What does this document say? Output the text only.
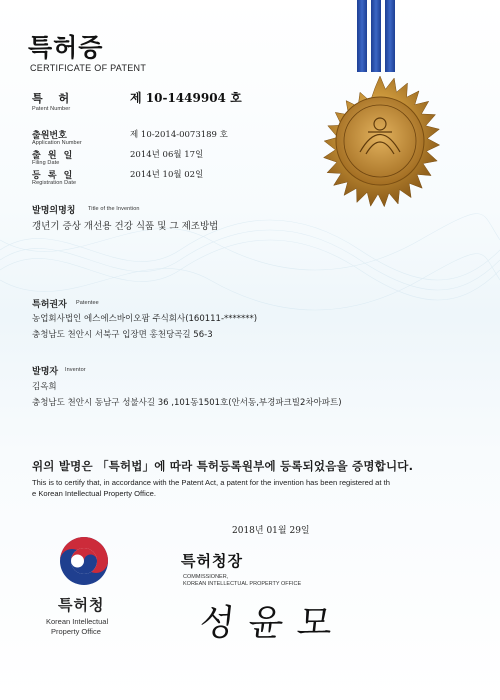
특허증
CERTIFICATE OF PATENT
특 허	제 10-1449904 호
Patent Number
출원번호
Application Number
제 10-2014-0073189 호
출 원 일
Filing Date
2014년 06월 17일
등 록 일
Registration Date
2014년 10월 02일
발명의명칭 Title of the Invention
갱년기 증상 개선용 건강 식품 및 그 제조방법
특허권자 Patentee
농업회사법인 에스에스바이오팜 주식회사(160111-*******)
충청남도 천안시 서북구 입장면 홍천당곡길 56-3
발명자 Inventor
김옥희
충청남도 천안시 동남구 성불사길 36 ,101동1501호(안서동,부경파크빌2차아파트)
위의 발명은 「특허법」에 따라 특허등록원부에 등록되었음을 증명합니다.
This is to certify that, in accordance with the Patent Act, a patent for the invention has been registered at th
e Korean Intellectual Property Office.
2018년 01월 29일
특허청
Korean Intellectual
Property Office
특허청장
COMMISSIONER,
KOREAN INTELLECTUAL PROPERTY OFFICE
성윤모
